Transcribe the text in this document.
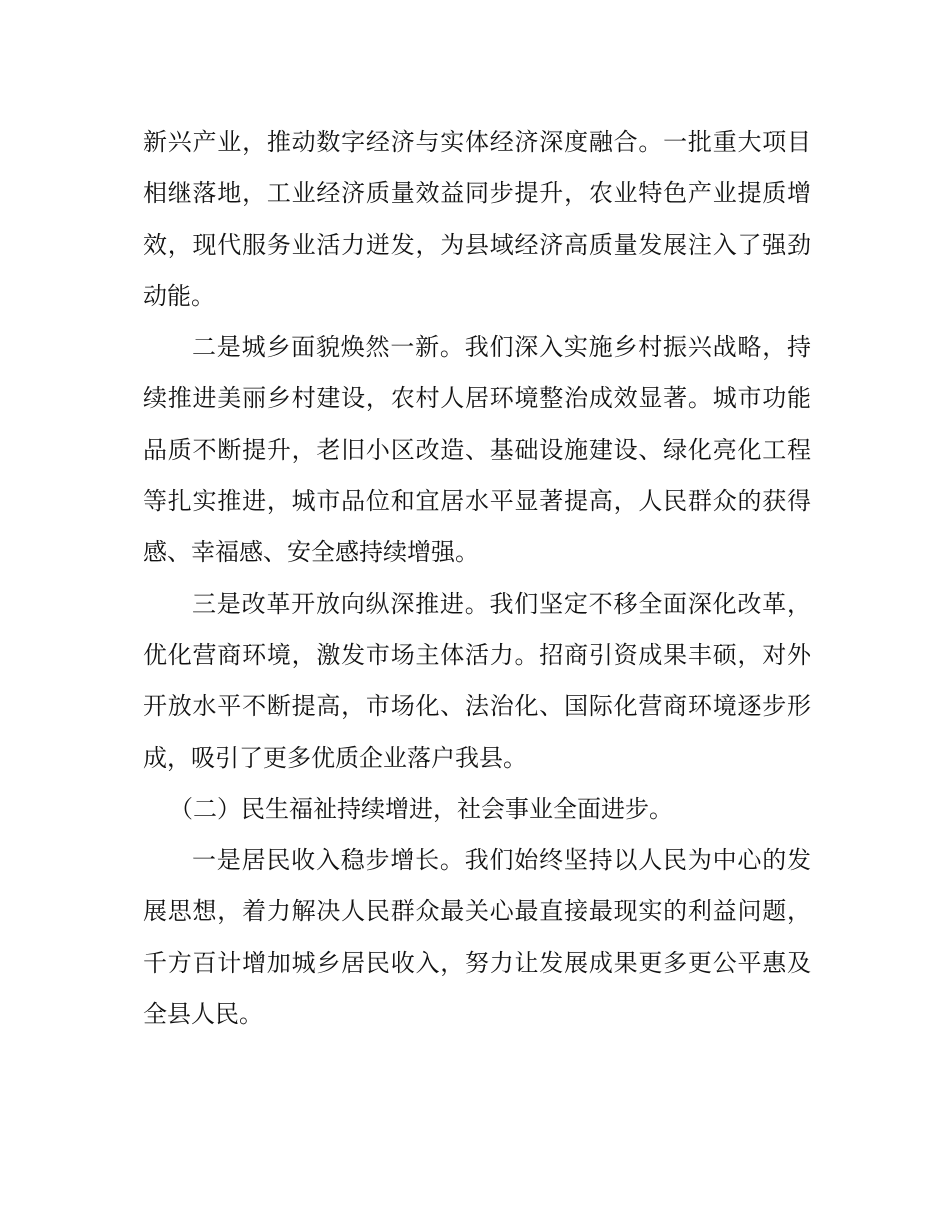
新兴产业，推动数字经济与实体经济深度融合。一批重大项目
相继落地，工业经济质量效益同步提升，农业特色产业提质增
效，现代服务业活力迸发，为县域经济高质量发展注入了强劲
动能。
二是城乡面貌焕然一新。我们深入实施乡村振兴战略，持
续推进美丽乡村建设，农村人居环境整治成效显著。城市功能
品质不断提升，老旧小区改造、基础设施建设、绿化亮化工程
等扎实推进，城市品位和宜居水平显著提高，人民群众的获得
感、幸福感、安全感持续增强。
三是改革开放向纵深推进。我们坚定不移全面深化改革，
优化营商环境，激发市场主体活力。招商引资成果丰硕，对外
开放水平不断提高，市场化、法治化、国际化营商环境逐步形
成，吸引了更多优质企业落户我县。
（二）民生福祉持续增进，社会事业全面进步。
一是居民收入稳步增长。我们始终坚持以人民为中心的发
展思想，着力解决人民群众最关心最直接最现实的利益问题，
千方百计增加城乡居民收入，努力让发展成果更多更公平惠及
全县人民。
